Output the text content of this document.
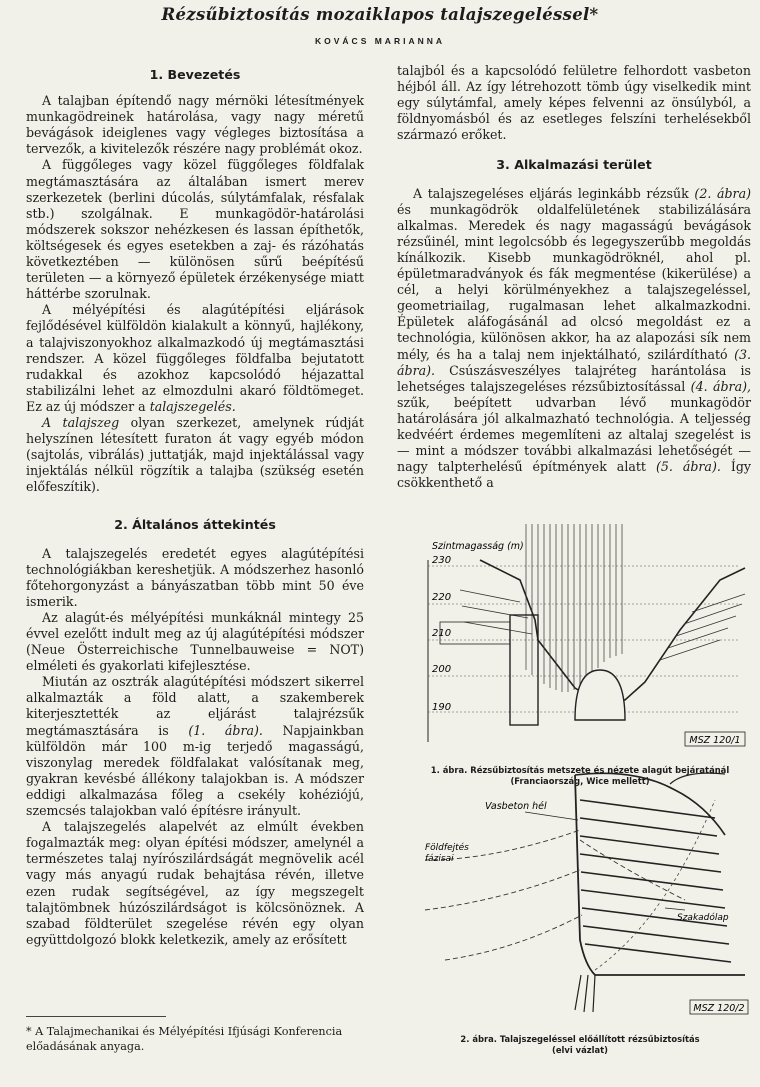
Rézsűbiztosítás mozaiklapos talajszegeléssel*
KOVÁCS MARIANNA
1. Bevezetés

A talajban építendő nagy mérnöki létesítmények munkagödreinek határolása, vagy nagy méretű bevágások ideiglenes vagy végleges biztosítása a tervezők, a kivitelezők részére nagy problémát okoz.

A függőleges vagy közel függőleges földfalak megtámasztására az általában ismert merev szerkezetek (berlini dúcolás, súlytámfalak, résfalak stb.) szolgálnak. E munkagödör-határolási módszerek sokszor nehézkesen és lassan építhetők, költségesek és egyes esetekben a zaj- és rázóhatás következtében — különösen sűrű beépítésű területen — a környező épületek érzékenysége miatt háttérbe szorulnak.

A mélyépítési és alagútépítési eljárások fejlődésével külföldön kialakult a könnyű, hajlékony, a talajviszonyokhoz alkalmazkodó új megtámasztási rendszer. A közel függőleges földfalba bejutatott rudakkal és azokhoz kapcsolódó héjazattal stabilizálni lehet az elmozdulni akaró földtömeget. Ez az új módszer a talajszegelés.

A talajszeg olyan szerkezet, amelynek rúdját helyszínen létesített furaton át vagy egyéb módon (sajtolás, vibrálás) juttatják, majd injektálással vagy injektálás nélkül rögzítik a talajba (szükség esetén előfeszítik).

2. Általános áttekintés

A talajszegelés eredetét egyes alagútépítési technológiákban kereshetjük. A módszerhez hasonló főtehorgonyzást a bányászatban több mint 50 éve ismerik.

Az alagút-és mélyépítési munkáknál mintegy 25 évvel ezelőtt indult meg az új alagútépítési módszer (Neue Österreichische Tunnelbauweise = NOT) elméleti és gyakorlati kifejlesztése.

Miután az osztrák alagútépítési módszert sikerrel alkalmazták a föld alatt, a szakemberek kiterjesztették az eljárást talajrézsűk megtámasztására is (1. ábra). Napjainkban külföldön már 100 m-ig terjedő magasságú, viszonylag meredek földfalakat valósítanak meg, gyakran kevésbé állékony talajokban is. A módszer eddigi alkalmazása főleg a csekély kohéziójú, szemcsés talajokban való építésre irányult.

A talajszegelés alapelvét az elmúlt években fogalmazták meg: olyan építési módszer, amelynél a természetes talaj nyírószilárdságát megnövelik acél vagy más anyagú rudak behajtása révén, illetve ezen rudak segítségével, az így megszegelt talajtömbnek húzószilárdságot is kölcsönöznek. A szabad földterület szegelése révén egy olyan együttdolgozó blokk keletkezik, amely az erősített

talajból és a kapcsolódó felületre felhordott vasbeton héjból áll. Az így létrehozott tömb úgy viselkedik mint egy súlytámfal, amely képes felvenni az önsúlyból, a földnyomásból és az esetleges felszíni terhelésekből származó erőket.

3. Alkalmazási terület

A talajszegeléses eljárás leginkább rézsűk (2. ábra) és munkagödrök oldalfelületének stabilizálására alkalmas. Meredek és nagy magasságú bevágások rézsűinél, mint legolcsóbb és legegyszerűbb megoldás kínálkozik. Kisebb munkagödröknél, ahol pl. épületmaradványok és fák megmentése (kikerülése) a cél, a helyi körülményekhez a talajszegeléssel, geometriailag, rugalmasan lehet alkalmazkodni. Épületek aláfogásánál ad olcsó megoldást ez a technológia, különösen akkor, ha az alapozási sík nem mély, és ha a talaj nem injektálható, szilárdítható (3. ábra). Csúszásveszélyes talajréteg harántolása is lehetséges talajszegeléses rézsűbiztosítással (4. ábra), szűk, beépített udvarban lévő munkagödör határolására jól alkalmazható technológia. A teljesség kedvéért érdemes megemlíteni az altalaj szegelést is — mint a módszer további alkalmazási lehetőségét — nagy talpterhelésű építmények alatt (5. ábra). Így csökkenthető a

Szintmagasság (m)
230
220
210
200
190
MSZ 120/1
1. ábra. Rézsűbiztosítás metszete és nézete alagút bejáratánál (Franciaország, Wice mellett)
Vasbeton hél
Földfejtés
fázisai
Szakadólap
MSZ 120/2
2. ábra. Talajszegeléssel előállított rézsűbiztosítás
(elvi vázlat)
* A Talajmechanikai és Mélyépítési Ifjúsági Konferencia előadásának anyaga.
